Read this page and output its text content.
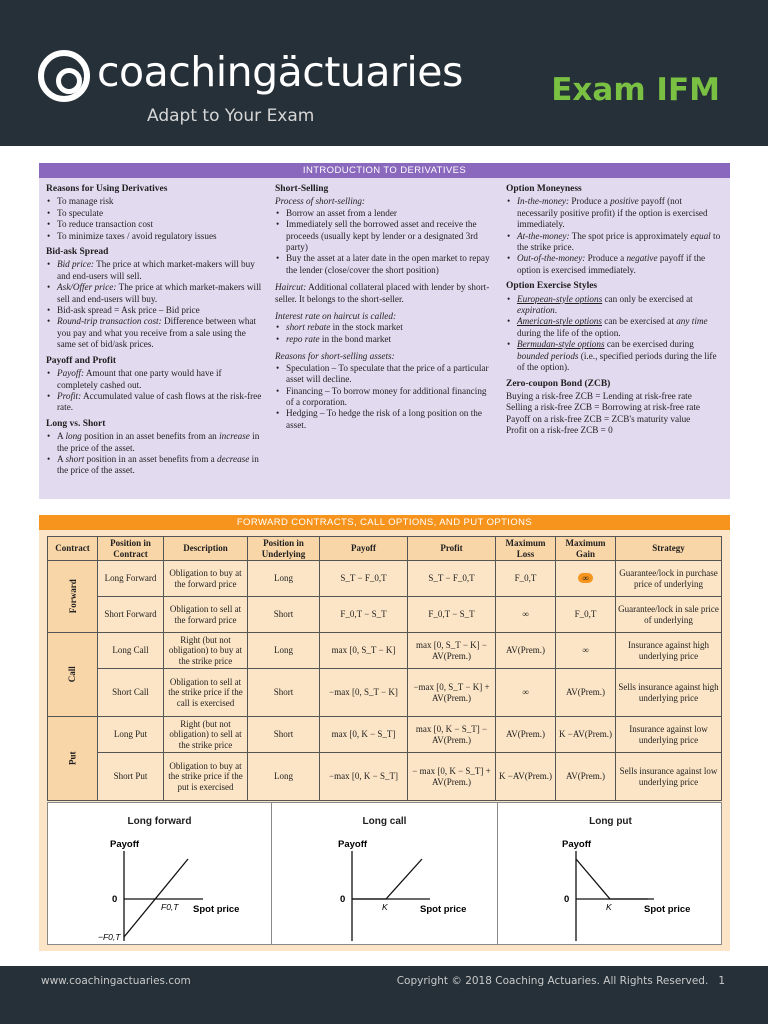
coachingäctuaries
Adapt to Your Exam
Exam IFM
INTRODUCTION TO DERIVATIVES
Reasons for Using Derivatives
• To manage risk
• To speculate
• To reduce transaction cost
• To minimize taxes / avoid regulatory issues
Bid-ask Spread
• Bid price: The price at which market-makers will buy and end-users will sell.
• Ask/Offer price: The price at which market-makers will sell and end-users will buy.
• Bid-ask spread = Ask price – Bid price
• Round-trip transaction cost: Difference between what you pay and what you receive from a sale using the same set of bid/ask prices.
Payoff and Profit
• Payoff: Amount that one party would have if completely cashed out.
• Profit: Accumulated value of cash flows at the risk-free rate.
Long vs. Short
• A long position in an asset benefits from an increase in the price of the asset.
• A short position in an asset benefits from a decrease in the price of the asset.
Short-Selling
Process of short-selling:
• Borrow an asset from a lender
• Immediately sell the borrowed asset and receive the proceeds (usually kept by lender or a designated 3rd party)
• Buy the asset at a later date in the open market to repay the lender (close/cover the short position)

Haircut: Additional collateral placed with lender by short-seller. It belongs to the short-seller.

Interest rate on haircut is called:

• short rebate in the stock market
• repo rate in the bond market

Reasons for short-selling assets:

• Speculation – To speculate that the price of a particular asset will decline.
• Financing – To borrow money for additional financing of a corporation.
• Hedging – To hedge the risk of a long position on the asset.
Option Moneyness
• In-the-money: Produce a positive payoff (not necessarily positive profit) if the option is exercised immediately.
• At-the-money: The spot price is approximately equal to the strike price.
• Out-of-the-money: Produce a negative payoff if the option is exercised immediately.
Option Exercise Styles
• European-style options can only be exercised at expiration.
• American-style options can be exercised at any time during the life of the option.
• Bermudan-style options can be exercised during bounded periods (i.e., specified periods during the life of the option).
Zero-coupon Bond (ZCB)
Buying a risk-free ZCB = Lending at risk-free rate
Selling a risk-free ZCB = Borrowing at risk-free rate
Payoff on a risk-free ZCB = ZCB's maturity value
Profit on a risk-free ZCB = 0
FORWARD CONTRACTS, CALL OPTIONS, AND PUT OPTIONS
Contract	Position in Contract	Description	Position in Underlying	Payoff	Profit	Maximum Loss	Maximum Gain	Strategy
Forward	Long Forward	Obligation to buy at the forward price	Long	S_T − F_0,T	S_T − F_0,T	F_0,T	∞	Guarantee/lock in purchase price of underlying
	Short Forward	Obligation to sell at the forward price	Short	F_0,T − S_T	F_0,T − S_T	∞	F_0,T	Guarantee/lock in sale price of underlying
Call	Long Call	Right (but not obligation) to buy at the strike price	Long	max [0, S_T − K]	max [0, S_T − K] − AV(Prem.)	AV(Prem.)	∞	Insurance against high underlying price
	Short Call	Obligation to sell at the strike price if the call is exercised	Short	−max [0, S_T − K]	−max [0, S_T − K] + AV(Prem.)	∞	AV(Prem.)	Sells insurance against high underlying price
Put	Long Put	Right (but not obligation) to sell at the strike price	Short	max [0, K − S_T]	max [0, K − S_T] − AV(Prem.)	AV(Prem.)	K −AV(Prem.)	Insurance against low underlying price
	Short Put	Obligation to buy at the strike price if the put is exercised	Long	−max [0, K − S_T]	− max [0, K − S_T] + AV(Prem.)	K −AV(Prem.)	AV(Prem.)	Sells insurance against low underlying price
Long forward
Payoff
0
F0,T
−F0,T
Spot price
Long call
Payoff
0
K	Spot price
Long put
Payoff
0
K	Spot price
www.coachingactuaries.com	Copyright © 2018 Coaching Actuaries. All Rights Reserved. 1
